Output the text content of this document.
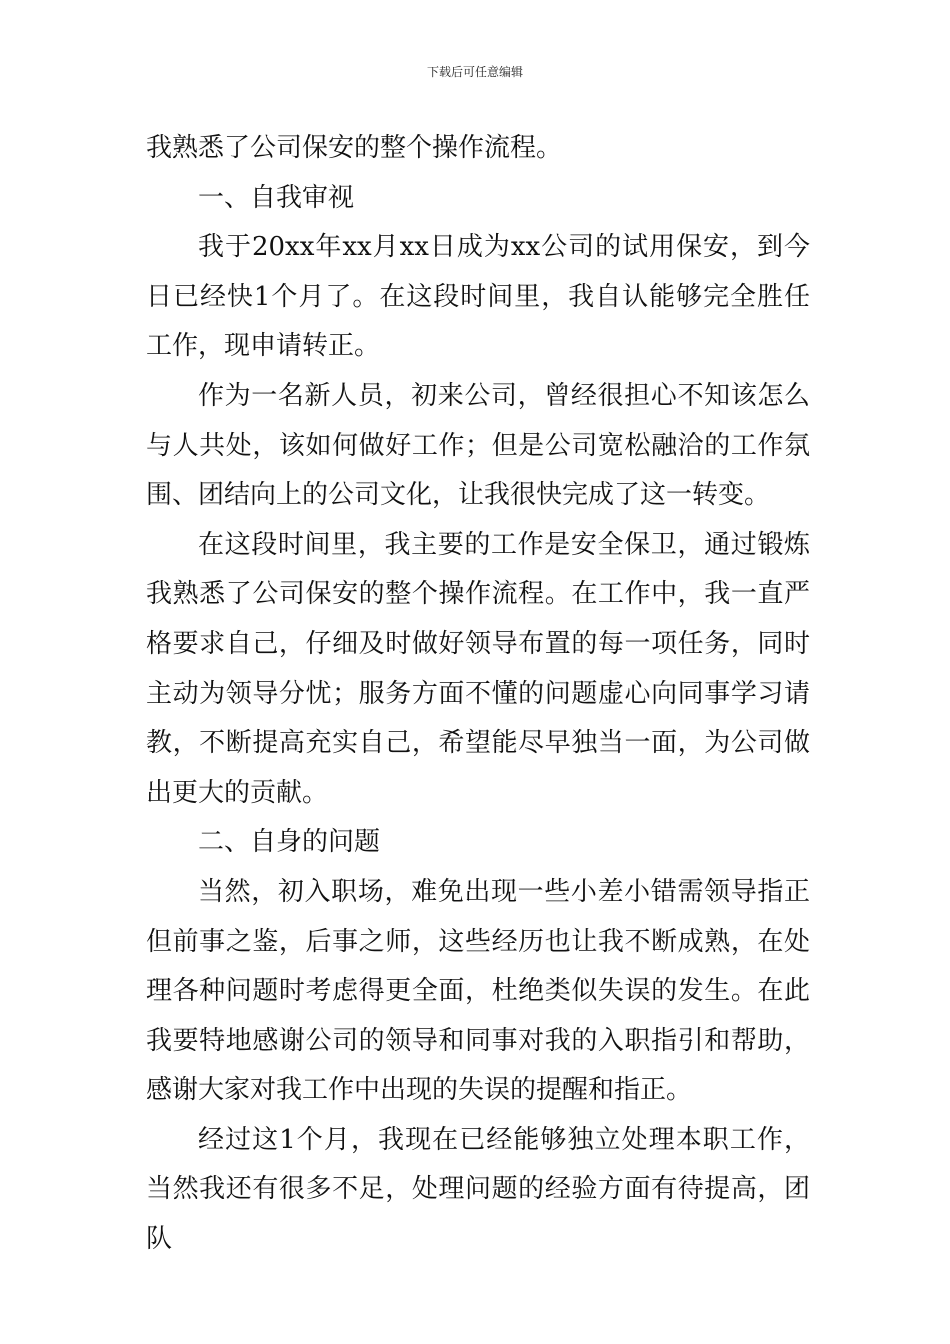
下载后可任意编辑

我熟悉了公司保安的整个操作流程。

一、自我审视

我于20xx年xx月xx日成为xx公司的试用保安，到今日已经快1个月了。在这段时间里，我自认能够完全胜任工作，现申请转正。

作为一名新人员，初来公司，曾经很担心不知该怎么与人共处，该如何做好工作；但是公司宽松融洽的工作氛围、团结向上的公司文化，让我很快完成了这一转变。

在这段时间里，我主要的工作是安全保卫，通过锻炼我熟悉了公司保安的整个操作流程。在工作中，我一直严格要求自己，仔细及时做好领导布置的每一项任务，同时主动为领导分忧；服务方面不懂的问题虚心向同事学习请教，不断提高充实自己，希望能尽早独当一面，为公司做出更大的贡献。

二、自身的问题

当然，初入职场，难免出现一些小差小错需领导指正但前事之鉴，后事之师，这些经历也让我不断成熟，在处理各种问题时考虑得更全面，杜绝类似失误的发生。在此我要特地感谢公司的领导和同事对我的入职指引和帮助，感谢大家对我工作中出现的失误的提醒和指正。

经过这1个月，我现在已经能够独立处理本职工作，当然我还有很多不足，处理问题的经验方面有待提高，团队
